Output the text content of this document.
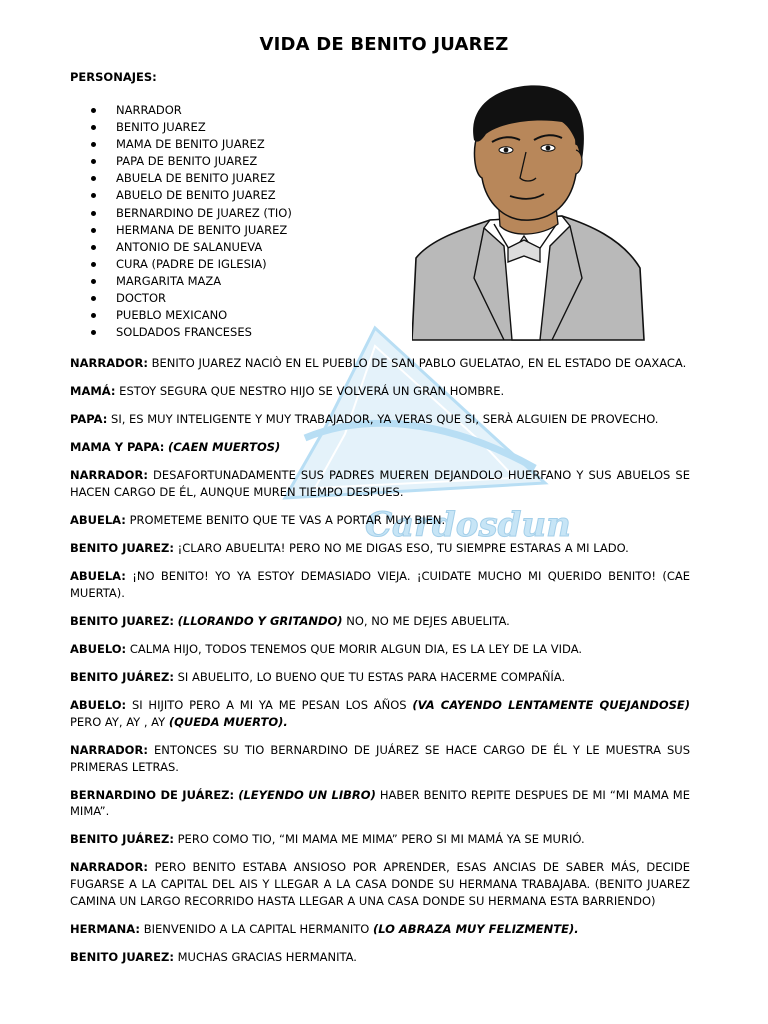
VIDA DE BENITO JUAREZ
PERSONAJES:
NARRADOR
BENITO JUAREZ
MAMA DE BENITO JUAREZ
PAPA DE BENITO JUAREZ
ABUELA DE BENITO JUAREZ
ABUELO DE BENITO JUAREZ
BERNARDINO DE JUAREZ (TIO)
HERMANA DE BENITO JUAREZ
ANTONIO DE SALANUEVA
CURA (PADRE DE IGLESIA)
MARGARITA MAZA
DOCTOR
PUEBLO MEXICANO
SOLDADOS FRANCESES
Cardosdun

NARRADOR: BENITO JUAREZ NACIÒ EN EL PUEBLO DE SAN PABLO GUELATAO, EN EL ESTADO DE OAXACA.

MAMÁ: ESTOY SEGURA QUE NESTRO HIJO SE VOLVERÁ UN GRAN HOMBRE.

PAPA: SI, ES MUY INTELIGENTE Y MUY TRABAJADOR, YA VERAS QUE SI, SERÀ ALGUIEN DE PROVECHO.

MAMA Y PAPA: (CAEN MUERTOS)

NARRADOR: DESAFORTUNADAMENTE SUS PADRES MUEREN DEJANDOLO HUERFANO Y SUS ABUELOS SE HACEN CARGO DE ÉL, AUNQUE MUREN TIEMPO DESPUES.

ABUELA: PROMETEME BENITO QUE TE VAS A PORTAR MUY BIEN.

BENITO JUAREZ: ¡CLARO ABUELITA! PERO NO ME DIGAS ESO, TU SIEMPRE ESTARAS A MI LADO.

ABUELA: ¡NO BENITO! YO YA ESTOY DEMASIADO VIEJA. ¡CUIDATE MUCHO MI QUERIDO BENITO! (CAE MUERTA).

BENITO JUAREZ: (LLORANDO Y GRITANDO) NO, NO ME DEJES ABUELITA.

ABUELO: CALMA HIJO, TODOS TENEMOS QUE MORIR ALGUN DIA, ES LA LEY DE LA VIDA.

BENITO JUÁREZ: SI ABUELITO, LO BUENO QUE TU ESTAS PARA HACERME COMPAÑÍA.

ABUELO: SI HIJITO PERO A MI YA ME PESAN LOS AÑOS (VA CAYENDO LENTAMENTE QUEJANDOSE) PERO AY, AY , AY (QUEDA MUERTO).

NARRADOR: ENTONCES SU TIO BERNARDINO DE JUÁREZ SE HACE CARGO DE ÉL Y LE MUESTRA SUS PRIMERAS LETRAS.

BERNARDINO DE JUÁREZ: (LEYENDO UN LIBRO) HABER BENITO REPITE DESPUES DE MI “MI MAMA ME MIMA”.

BENITO JUÁREZ: PERO COMO TIO, “MI MAMA ME MIMA” PERO SI MI MAMÁ YA SE MURIÓ.

NARRADOR: PERO BENITO ESTABA ANSIOSO POR APRENDER, ESAS ANCIAS DE SABER MÁS, DECIDE FUGARSE A LA CAPITAL DEL AIS Y LLEGAR A LA CASA DONDE SU HERMANA TRABAJABA. (BENITO JUAREZ CAMINA UN LARGO RECORRIDO HASTA LLEGAR A UNA CASA DONDE SU HERMANA ESTA BARRIENDO)

HERMANA: BIENVENIDO A LA CAPITAL HERMANITO (LO ABRAZA MUY FELIZMENTE).

BENITO JUAREZ: MUCHAS GRACIAS HERMANITA.
